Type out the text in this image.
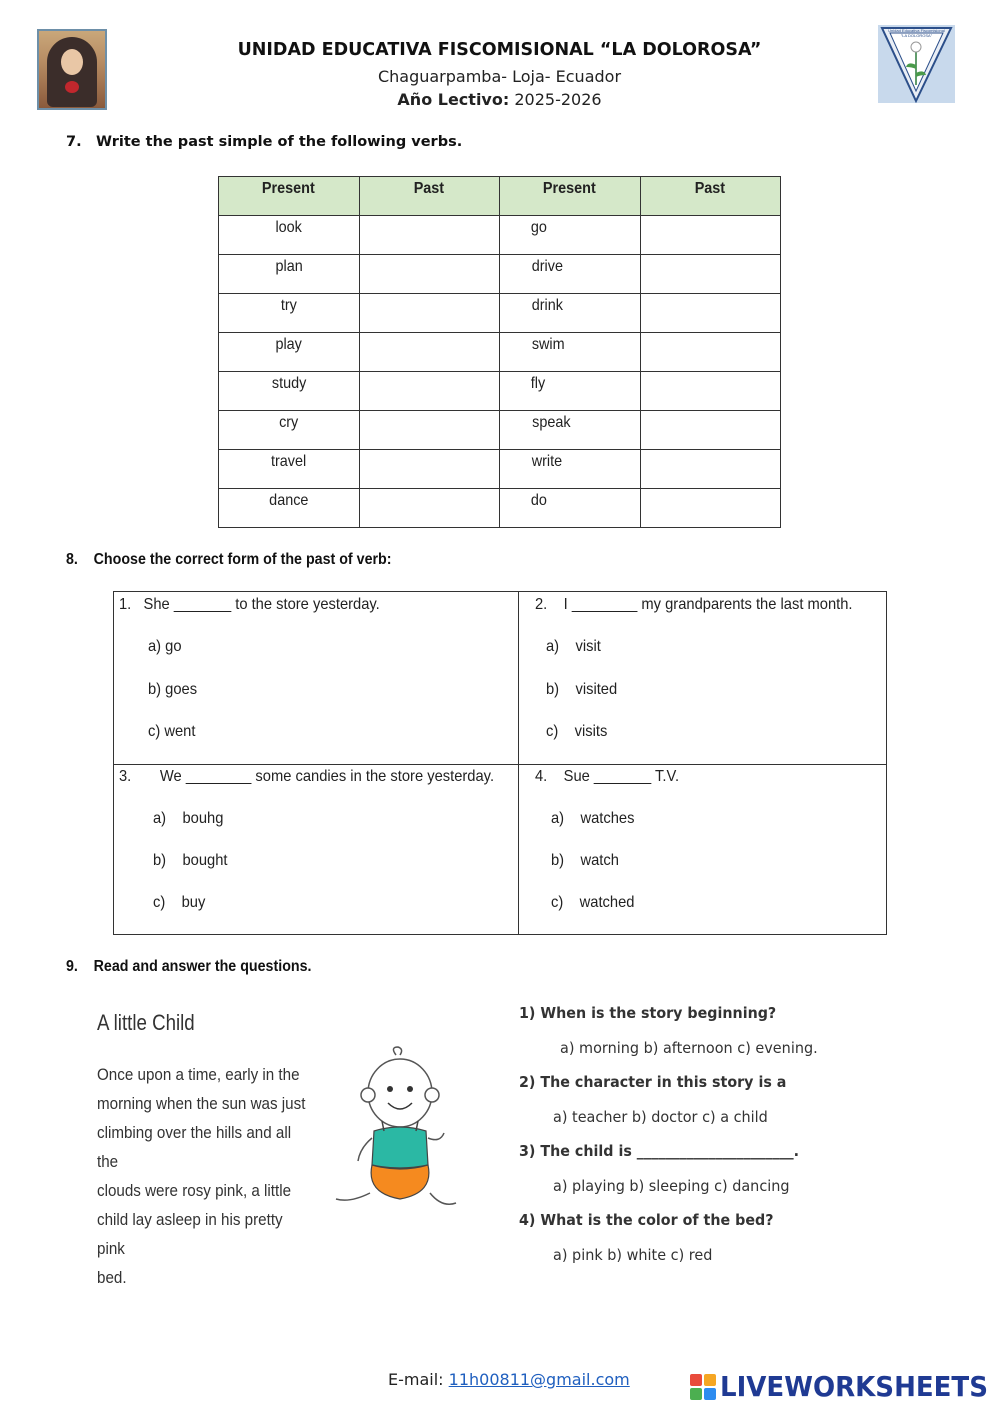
UNIDAD EDUCATIVA FISCOMISIONAL “LA DOLOROSA”
Chaguarpamba- Loja- Ecuador
Año Lectivo: 2025-2026
Unidad Educativa Fiscomisional "LA DOLOROSA"
7. Write the past simple of the following verbs.
Present	Past	Present	Past
look		go	
plan		drive	
try		drink	
play		swim	
study		fly	
cry		speak	
travel		write	
dance		do	
8. Choose the correct form of the past of verb:
1. She _______ to the store yesterday.
a) go
b) goes
c) went
2. I ________ my grandparents the last month.
a) visit
b) visited
c) visits
3. We ________ some candies in the store yesterday.
a) bouhg
b) bought
c) buy
4. Sue _______ T.V.
a) watches
b) watch
c) watched
9. Read and answer the questions.
A little Child
Once upon a time, early in the
morning when the sun was just
climbing over the hills and all the
clouds were rosy pink, a little
child lay asleep in his pretty pink
bed.
1) When is the story beginning?
a) morning b) afternoon c) evening.
2) The character in this story is a
a) teacher b) doctor c) a child
3) The child is ______________________.
a) playing b) sleeping c) dancing
4) What is the color of the bed?
a) pink b) white c) red
E-mail: 11h00811@gmail.com	LIVEWORKSHEETS
